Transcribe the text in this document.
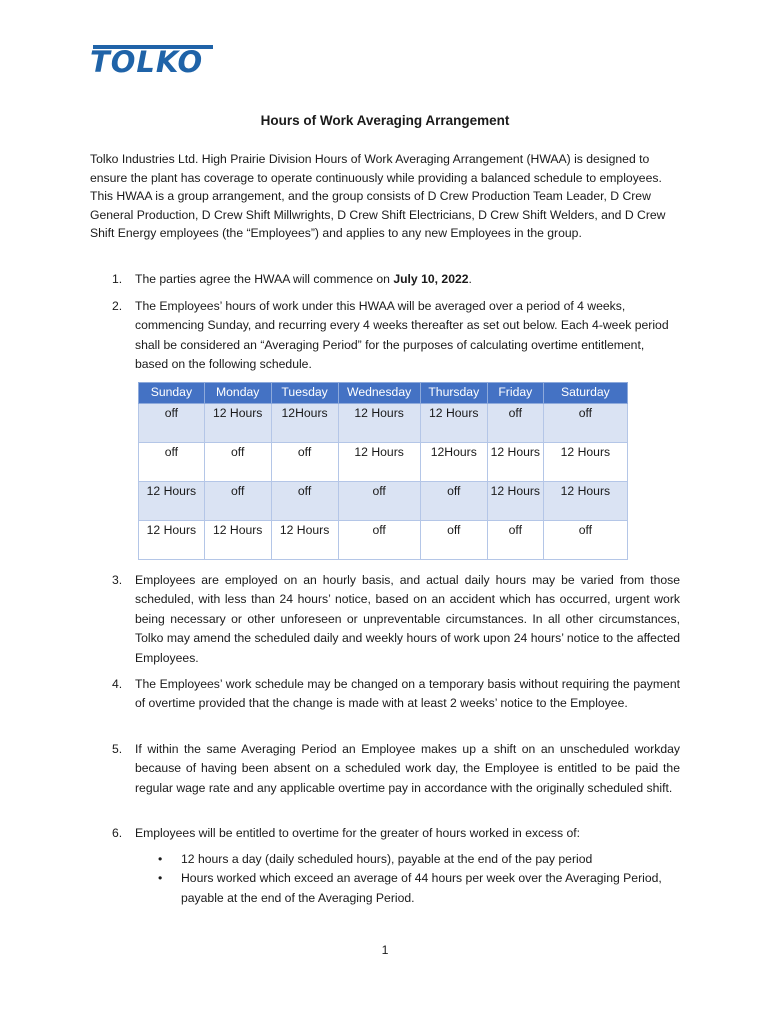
TOLKO
Hours of Work Averaging Arrangement
Tolko Industries Ltd. High Prairie Division Hours of Work Averaging Arrangement (HWAA) is designed to ensure the plant has coverage to operate continuously while providing a balanced schedule to employees. This HWAA is a group arrangement, and the group consists of D Crew Production Team Leader, D Crew General Production, D Crew Shift Millwrights, D Crew Shift Electricians, D Crew Shift Welders, and D Crew Shift Energy employees (the “Employees”) and applies to any new Employees in the group.
1. The parties agree the HWAA will commence on July 10, 2022.
2. The Employees’ hours of work under this HWAA will be averaged over a period of 4 weeks, commencing Sunday, and recurring every 4 weeks thereafter as set out below. Each 4-week period shall be considered an “Averaging Period” for the purposes of calculating overtime entitlement, based on the following schedule.
Sunday	Monday	Tuesday	Wednesday	Thursday	Friday	Saturday
off	12 Hours	12Hours	12 Hours	12 Hours	off	off
off	off	off	12 Hours	12Hours	12 Hours	12 Hours
12 Hours	off	off	off	off	12 Hours	12 Hours
12 Hours	12 Hours	12 Hours	off	off	off	off
3. Employees are employed on an hourly basis, and actual daily hours may be varied from those scheduled, with less than 24 hours’ notice, based on an accident which has occurred, urgent work being necessary or other unforeseen or unpreventable circumstances. In all other circumstances, Tolko may amend the scheduled daily and weekly hours of work upon 24 hours’ notice to the affected Employees.
4. The Employees’ work schedule may be changed on a temporary basis without requiring the payment of overtime provided that the change is made with at least 2 weeks’ notice to the Employee.
5. If within the same Averaging Period an Employee makes up a shift on an unscheduled workday because of having been absent on a scheduled work day, the Employee is entitled to be paid the regular wage rate and any applicable overtime pay in accordance with the originally scheduled shift.
6. Employees will be entitled to overtime for the greater of hours worked in excess of:
• 12 hours a day (daily scheduled hours), payable at the end of the pay period
• Hours worked which exceed an average of 44 hours per week over the Averaging Period, payable at the end of the Averaging Period.
1
